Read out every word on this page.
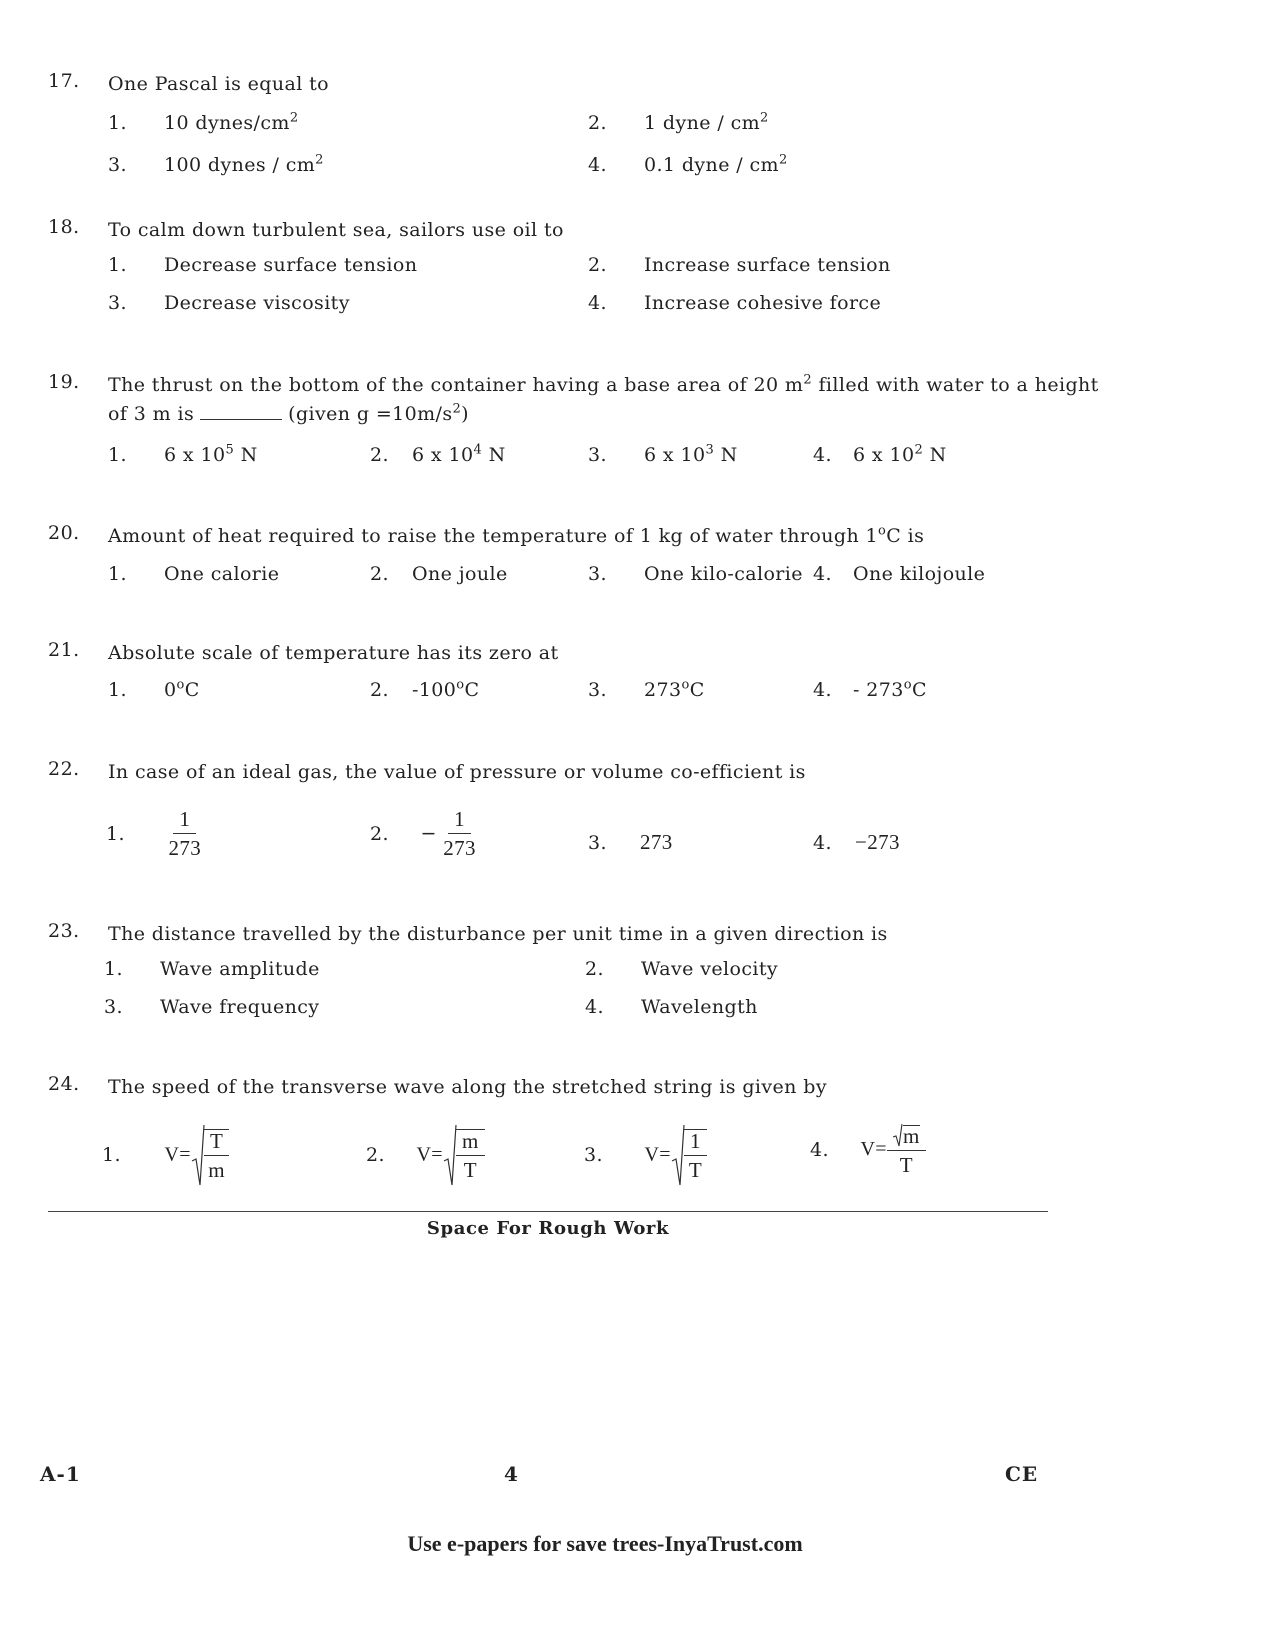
17.	One Pascal is equal to
1. 10 dynes/$cm^2$	2. 1 dyne / $cm^2$
3. 100 dynes / $cm^2$	4. 0.1 dyne / $cm^2$
18.	To calm down turbulent sea, sailors use oil to
1. Decrease surface tension	2. Increase surface tension
3. Decrease viscosity	4. Increase cohesive force
19.	The thrust on the bottom of the container having a base area of 20 $m^2$ filled with water to a height of 3 m is	(given $g =10m/s^2$)
1. 6 x $10^5$ N	2. 6 x $10^4$ N	3. 6 x $10^3$ N	4. 6 x $10^2$ N
20.	Amount of heat required to raise the temperature of 1 kg of water through 1$^o$C is
1. One calorie	2. One joule	3. One kilo-calorie 4. One kilojoule
21.	Absolute scale of temperature has its zero at
1. 0$^o$C	2. -100$^o$C	3. 273$^o$C	4. - 273$^o$C
22.	In case of an ideal gas, the value of pressure or volume co-efficient is
1. $\frac{1}{273}$	2. − $\frac{1}{273}$	3. 273	4. −273
23.	The distance travelled by the disturbance per unit time in a given direction is
1. Wave amplitude	2. Wave velocity
3. Wave frequency	4. Wavelength
24.	The speed of the transverse wave along the stretched string is given by
1. $V= \frac{T}{m}$	2. $V= \frac{m}{T}$	3. $V= \frac{1}{T}$	4. $V= \frac{m}{T}$
Space For Rough Work
A-1	4	CE
Use e-papers for save trees-InyaTrust.com
